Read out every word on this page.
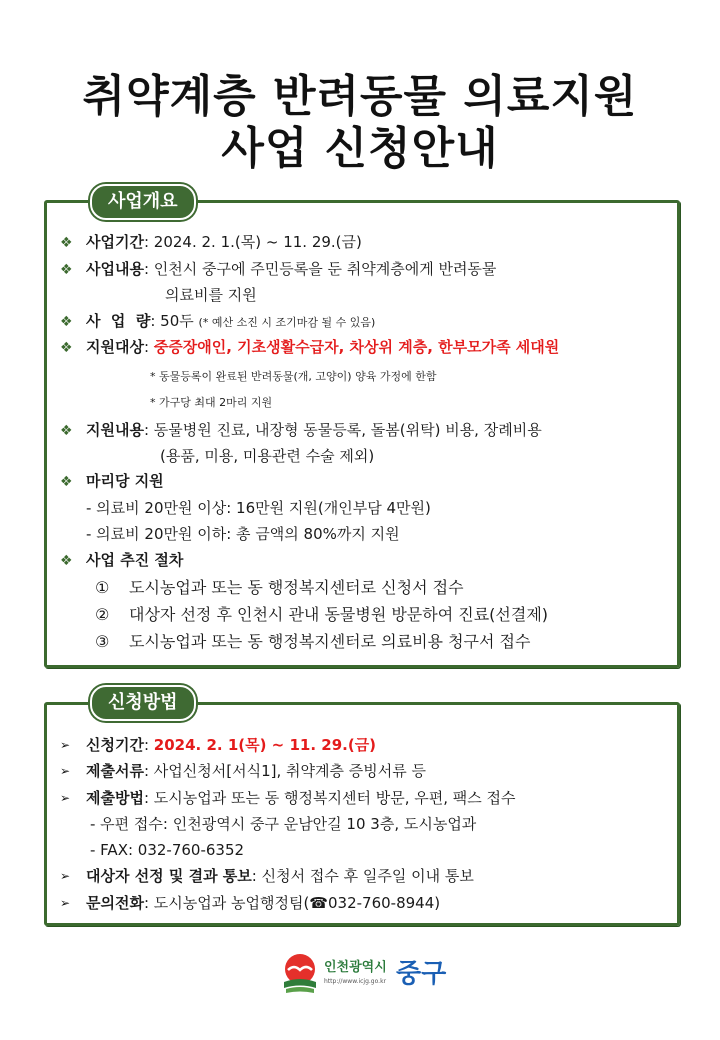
취약계층 반려동물 의료지원
사업 신청안내
사업개요
❖ 사업기간: 2024. 2. 1.(목) ~ 11. 29.(금)
❖ 사업내용: 인천시 중구에 주민등록을 둔 취약계층에게 반려동물
의료비를 지원
❖ 사  업  량: 50두 (* 예산 소진 시 조기마감 될 수 있음)
❖ 지원대상: 중증장애인, 기초생활수급자, 차상위 계층, 한부모가족 세대원
* 동물등록이 완료된 반려동물(개, 고양이) 양육 가정에 한함
* 가구당 최대 2마리 지원
❖ 지원내용: 동물병원 진료, 내장형 동물등록, 돌봄(위탁) 비용, 장례비용
(용품, 미용, 미용관련 수술 제외)
❖ 마리당 지원
- 의료비 20만원 이상: 16만원 지원(개인부담 4만원)
- 의료비 20만원 이하: 총 금액의 80%까지 지원
❖ 사업 추진 절차
① 도시농업과 또는 동 행정복지센터로 신청서 접수
② 대상자 선정 후 인천시 관내 동물병원 방문하여 진료(선결제)
③ 도시농업과 또는 동 행정복지센터로 의료비용 청구서 접수
신청방법
➢ 신청기간: 2024. 2. 1(목) ~ 11. 29.(금)
➢ 제출서류: 사업신청서[서식1], 취약계층 증빙서류 등
➢ 제출방법: 도시농업과 또는 동 행정복지센터 방문, 우편, 팩스 접수
- 우편 접수: 인천광역시 중구 운남안길 10 3층, 도시농업과
- FAX: 032-760-6352
➢ 대상자 선정 및 결과 통보: 신청서 접수 후 일주일 이내 통보
➢ 문의전화: 도시농업과 농업행정팀(☎032-760-8944)
인천광역시
http://www.icjg.go.kr 중구
